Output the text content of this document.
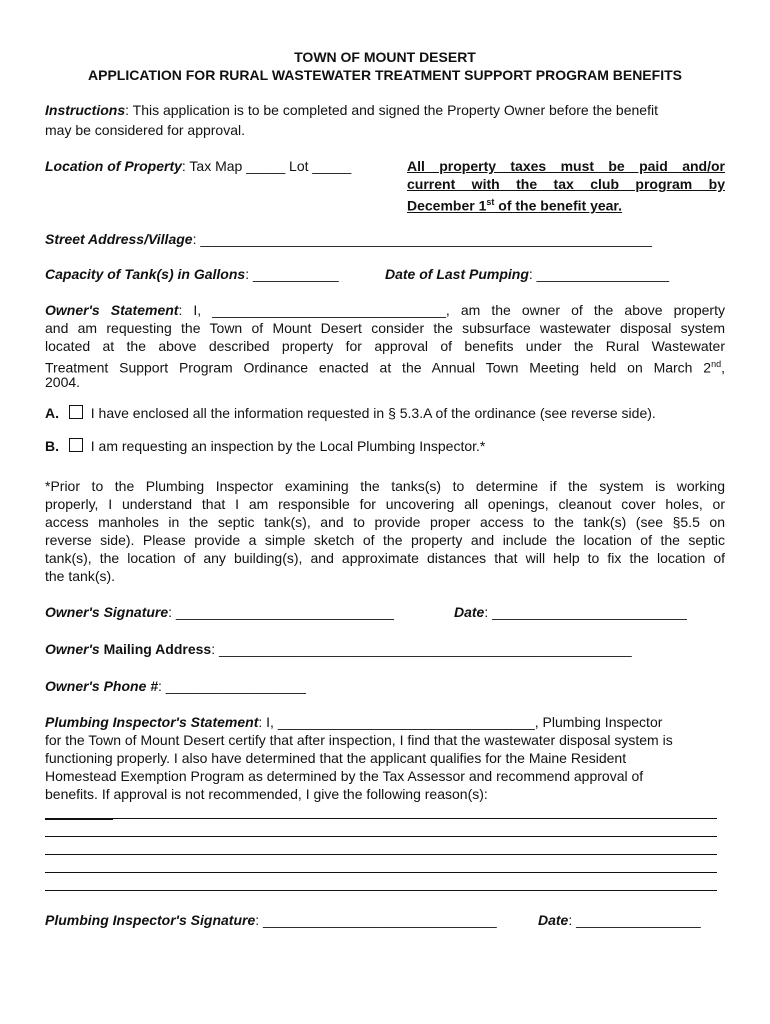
TOWN OF MOUNT DESERT
APPLICATION FOR RURAL WASTEWATER TREATMENT SUPPORT PROGRAM BENEFITS
Instructions: This application is to be completed and signed the Property Owner before the benefit
may be considered for approval.
Location of Property: Tax Map _____ Lot _____	All property taxes must be paid and/or
current with the tax club program by
December 1st of the benefit year.
Street Address/Village: __________________________________________________________
Capacity of Tank(s) in Gallons: ___________	Date of Last Pumping: _________________
Owner's Statement: I, ______________________________, am the owner of the above property
and am requesting the Town of Mount Desert consider the subsurface wastewater disposal system
located at the above described property for approval of benefits under the Rural Wastewater
Treatment Support Program Ordinance enacted at the Annual Town Meeting held on March 2nd,
2004.
A. I have enclosed all the information requested in § 5.3.A of the ordinance (see reverse side).
B. I am requesting an inspection by the Local Plumbing Inspector.*
*Prior to the Plumbing Inspector examining the tanks(s) to determine if the system is working
properly, I understand that I am responsible for uncovering all openings, cleanout cover holes, or
access manholes in the septic tank(s), and to provide proper access to the tank(s) (see §5.5 on
reverse side). Please provide a simple sketch of the property and include the location of the septic
tank(s), the location of any building(s), and approximate distances that will help to fix the location of
the tank(s).
Owner's Signature: ____________________________	Date: _________________________
Owner's Mailing Address: _____________________________________________________
Owner's Phone #: __________________
Plumbing Inspector's Statement: I, _________________________________, Plumbing Inspector
for the Town of Mount Desert certify that after inspection, I find that the wastewater disposal system is
functioning properly. I also have determined that the applicant qualifies for the Maine Resident
Homestead Exemption Program as determined by the Tax Assessor and recommend approval of
benefits. If approval is not recommended, I give the following reason(s):
Plumbing Inspector's Signature: ______________________________	Date: ________________
